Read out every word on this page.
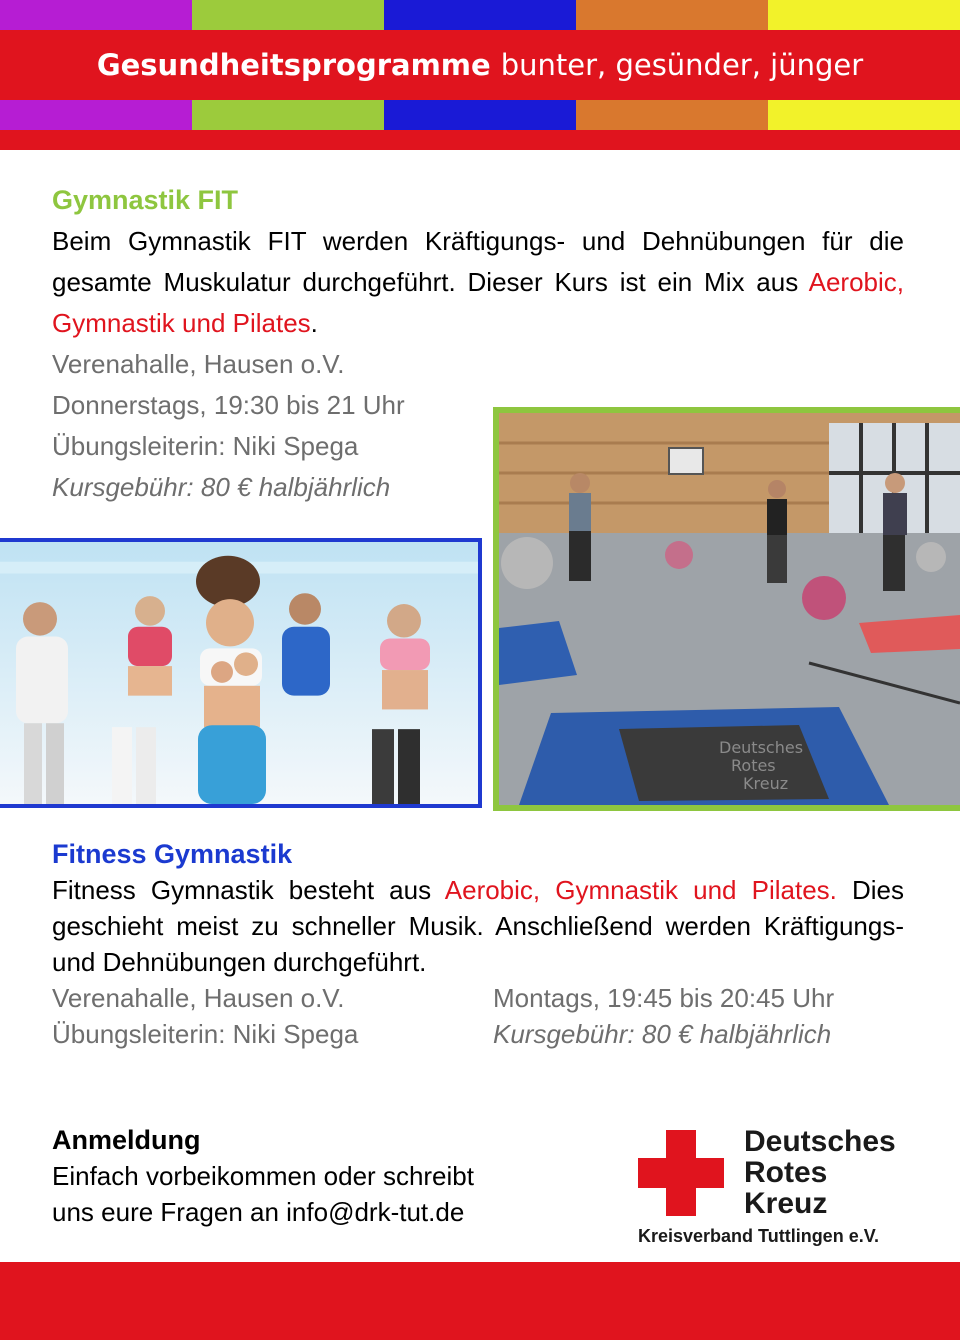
Gesundheitsprogramme bunter, gesünder, jünger
Gymnastik FIT
Beim Gymnastik FIT werden Kräftigungs- und Dehnübungen für die gesamte Muskulatur durchgeführt. Dieser Kurs ist ein Mix aus Aerobic, Gymnastik und Pilates.
Verenahalle, Hausen o.V.
Donnerstags, 19:30 bis 21 Uhr
Übungsleiterin: Niki Spega
Kursgebühr: 80 € halbjährlich
Deutsches
Rotes
Kreuz
Fitness Gymnastik
Fitness Gymnastik besteht aus Aerobic, Gymnastik und Pilates. Dies geschieht meist zu schneller Musik. Anschließend werden Kräftigungs- und Dehnübungen durchgeführt.
Verenahalle, Hausen o.V.	Montags, 19:45 bis 20:45 Uhr
Übungsleiterin: Niki Spega	Kursgebühr: 80 € halbjährlich
Anmeldung
Einfach vorbeikommen oder schreibt
uns eure Fragen an info@drk-tut.de
Deutsches
Rotes
Kreuz
Kreisverband Tuttlingen e.V.
